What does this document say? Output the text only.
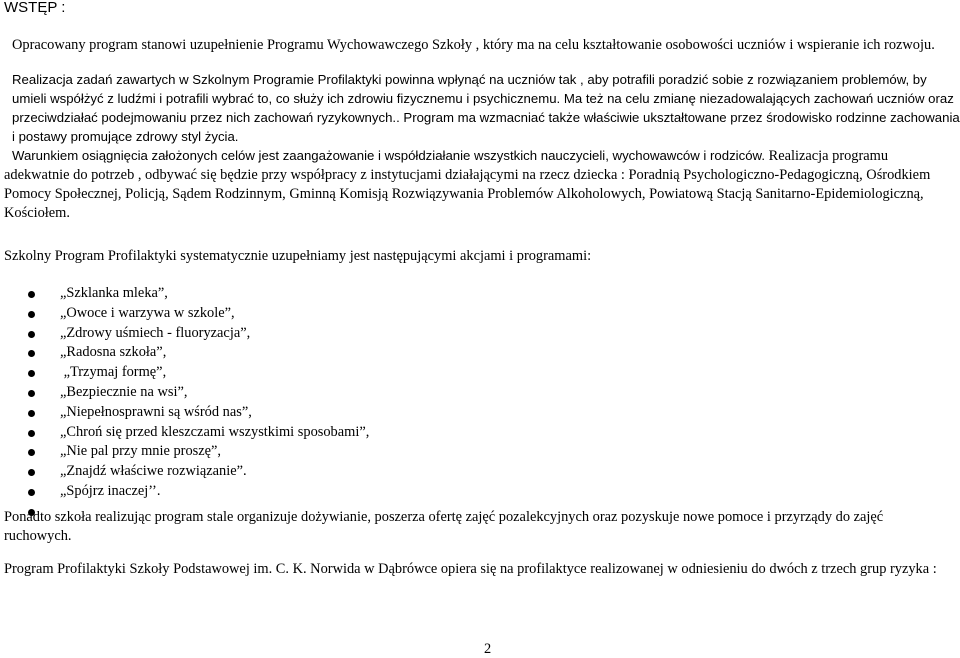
WSTĘP :
Opracowany program stanowi uzupełnienie Programu Wychowawczego Szkoły , który ma na celu kształtowanie osobowości uczniów i wspieranie ich rozwoju.
Realizacja zadań zawartych w Szkolnym Programie Profilaktyki powinna wpłynąć na uczniów tak , aby potrafili poradzić sobie z rozwiązaniem problemów, by umieli współżyć z ludźmi i potrafili wybrać to, co służy ich zdrowiu fizycznemu i psychicznemu. Ma też na celu zmianę niezadowalających zachowań uczniów oraz przeciwdziałać podejmowaniu przez nich zachowań ryzykownych.. Program ma wzmacniać także właściwie ukształtowane przez środowisko rodzinne zachowania i postawy promujące zdrowy styl życia.
Warunkiem osiągnięcia założonych celów jest zaangażowanie i współdziałanie wszystkich nauczycieli, wychowawców i rodziców. Realizacja programu adekwatnie do potrzeb , odbywać się będzie przy współpracy z instytucjami działającymi na rzecz dziecka : Poradnią Psychologiczno-Pedagogiczną, Ośrodkiem Pomocy Społecznej, Policją, Sądem Rodzinnym, Gminną Komisją Rozwiązywania Problemów Alkoholowych, Powiatową Stacją Sanitarno-Epidemiologiczną, Kościołem.
Szkolny Program Profilaktyki systematycznie uzupełniamy jest następującymi akcjami i programami:
„Szklanka mleka”,
„Owoce i warzywa w szkole”,
„Zdrowy uśmiech - fluoryzacja”,
„Radosna szkoła”,
„Trzymaj formę”,
„Bezpiecznie na wsi”,
„Niepełnosprawni są wśród nas”,
„Chroń się przed kleszczami wszystkimi sposobami”,
„Nie pal przy mnie proszę”,
„Znajdź właściwe rozwiązanie”.
„Spójrz inaczej’’.
Ponadto szkoła realizując program stale organizuje dożywianie, poszerza ofertę zajęć pozalekcyjnych oraz pozyskuje nowe pomoce i przyrządy do zajęć ruchowych.
Program Profilaktyki Szkoły Podstawowej im. C. K. Norwida w Dąbrówce opiera się na profilaktyce realizowanej w odniesieniu do dwóch z trzech grup ryzyka :
2
